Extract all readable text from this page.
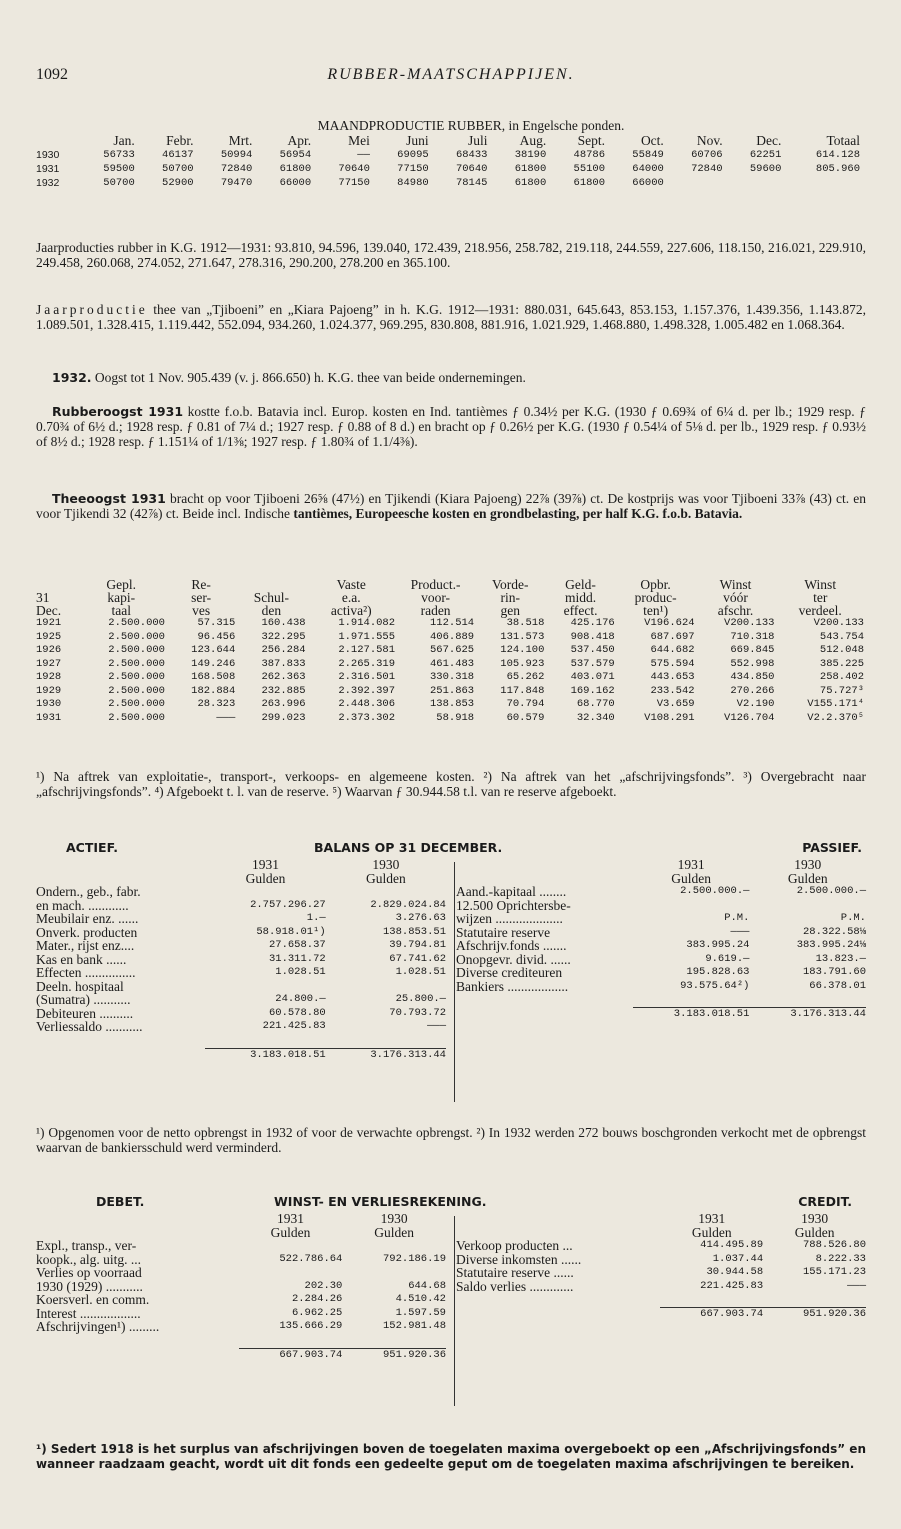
1092	RUBBER-MAATSCHAPPIJEN.
MAANDPRODUCTIE RUBBER, in Engelsche ponden.
	Jan.	Febr.	Mrt.	Apr.	Mei	Juni	Juli	Aug.	Sept.	Oct.	Nov.	Dec.	Totaal
1930	56733	46137	50994	56954	——	69095	68433	38190	48786	55849	60706	62251	614.128
1931	59500	50700	72840	61800	70640	77150	70640	61800	55100	64000	72840	59600	805.960
1932	50700	52900	79470	66000	77150	84980	78145	61800	61800	66000			
Jaarproducties rubber in K.G. 1912—1931: 93.810, 94.596, 139.040, 172.439, 218.956, 258.782, 219.118, 244.559, 227.606, 118.150, 216.021, 229.910, 249.458, 260.068, 274.052, 271.647, 278.316, 290.200, 278.200 en 365.100.
Jaarproductie thee van „Tjiboeni” en „Kiara Pajoeng” in h. K.G. 1912—1931: 880.031, 645.643, 853.153, 1.157.376, 1.439.356, 1.143.872, 1.089.501, 1.328.415, 1.119.442, 552.094, 934.260, 1.024.377, 969.295, 830.808, 881.916, 1.021.929, 1.468.880, 1.498.328, 1.005.482 en 1.068.364.
1932. Oogst tot 1 Nov. 905.439 (v. j. 866.650) h. K.G. thee van beide ondernemingen.
Rubberoogst 1931 kostte f.o.b. Batavia incl. Europ. kosten en Ind. tantièmes ƒ 0.34½ per K.G. (1930 ƒ 0.69¾ of 6¼ d. per lb.; 1929 resp. ƒ 0.70¾ of 6½ d.; 1928 resp. ƒ 0.81 of 7¼ d.; 1927 resp. ƒ 0.88 of 8 d.) en bracht op ƒ 0.26½ per K.G. (1930 ƒ 0.54¼ of 5⅛ d. per lb., 1929 resp. ƒ 0.93½ of 8½ d.; 1928 resp. ƒ 1.151¼ of 1/1⅜; 1927 resp. ƒ 1.80¾ of 1.1/4⅜).
Theeoogst 1931 bracht op voor Tjiboeni 26⅝ (47½) en Tjikendi (Kiara Pajoeng) 22⅞ (39⅞) ct. De kostprijs was voor Tjiboeni 33⅞ (43) ct. en voor Tjikendi 32 (42⅞) ct. Beide incl. Indische tantièmes, Europeesche kosten en grondbelasting, per half K.G. f.o.b. Batavia.
	Gepl.	Re-		Vaste	Product.-	Vorde-	Geld-	Opbr.	Winst	Winst
31	kapi-	ser-	Schul-	e.a.	voor-	rin-	midd.	produc-	vóór	ter
Dec.	taal	ves	den	activa²)	raden	gen	effect.	ten¹)	afschr.	verdeel.
1921	2.500.000	57.315	160.438	1.914.082	112.514	38.518	425.176	V196.624	V200.133	V200.133
1925	2.500.000	96.456	322.295	1.971.555	406.889	131.573	908.418	687.697	710.318	543.754
1926	2.500.000	123.644	256.284	2.127.581	567.625	124.100	537.450	644.682	669.845	512.048
1927	2.500.000	149.246	387.833	2.265.319	461.483	105.923	537.579	575.594	552.998	385.225
1928	2.500.000	168.508	262.363	2.316.501	330.318	65.262	403.071	443.653	434.850	258.402
1929	2.500.000	182.884	232.885	2.392.397	251.863	117.848	169.162	233.542	270.266	75.727³
1930	2.500.000	28.323	263.996	2.448.306	138.853	70.794	68.770	V3.659	V2.190	V155.171⁴
1931	2.500.000	———	299.023	2.373.302	58.918	60.579	32.340	V108.291	V126.704	V2.2.370⁵
¹) Na aftrek van exploitatie-, transport-, verkoops- en algemeene kosten. ²) Na aftrek van het „afschrijvingsfonds”. ³) Overgebracht naar „afschrijvingsfonds”. ⁴) Afgeboekt t. l. van de reserve. ⁵) Waarvan ƒ 30.944.58 t.l. van re reserve afgeboekt.
ACTIEF.	BALANS OP 31 DECEMBER.	PASSIEF.
	1931	1930
	Gulden	Gulden
Ondern., geb., fabr.		
en mach. ............	2.757.296.27	2.829.024.84
Meubilair enz. ......	1.—	3.276.63
Onverk. producten	58.918.01¹)	138.853.51
Mater., rijst enz....	27.658.37	39.794.81
Kas en bank ......	31.311.72	67.741.62
Effecten ...............	1.028.51	1.028.51
Deeln. hospitaal		
(Sumatra) ...........	24.800.—	25.800.—
Debiteuren ..........	60.578.80	70.793.72
Verliessaldo ...........	221.425.83	———

	3.183.018.51	3.176.313.44
	1931	1930
	Gulden	Gulden

Aand.-kapitaal ........	2.500.000.—	2.500.000.—
12.500 Oprichtersbe-		
wijzen ....................	P.M.	P.M.
Statutaire reserve	———	28.322.58⅛
Afschrijv.fonds .......	383.995.24	383.995.24⅛
Onopgevr. divid. ......	9.619.—	13.823.—
Diverse crediteuren	195.828.63	183.791.60
Bankiers ..................	93.575.64²)	66.378.01

	3.183.018.51	3.176.313.44
¹) Opgenomen voor de netto opbrengst in 1932 of voor de verwachte opbrengst. ²) In 1932 werden 272 bouws boschgronden verkocht met de opbrengst waarvan de bankiersschuld werd verminderd.
DEBET.	WINST- EN VERLIESREKENING.	CREDIT.
	1931	1930
	Gulden	Gulden
Expl., transp., ver-		
koopk., alg. uitg. ...	522.786.64	792.186.19
Verlies op voorraad		
1930 (1929) ...........	202.30	644.68
Koersverl. en comm.	2.284.26	4.510.42
Interest ..................	6.962.25	1.597.59
Afschrijvingen¹) .........	135.666.29	152.981.48

	667.903.74	951.920.36
	1931	1930
	Gulden	Gulden

Verkoop producten ...	414.495.89	788.526.80
Diverse inkomsten ......	1.037.44	8.222.33
Statutaire reserve ......	30.944.58	155.171.23
Saldo verlies .............	221.425.83	———

	667.903.74	951.920.36
¹) Sedert 1918 is het surplus van afschrijvingen boven de toegelaten maxima overgeboekt op een „Afschrijvingsfonds” en wanneer raadzaam geacht, wordt uit dit fonds een gedeelte geput om de toegelaten maxima afschrijvingen te bereiken.
